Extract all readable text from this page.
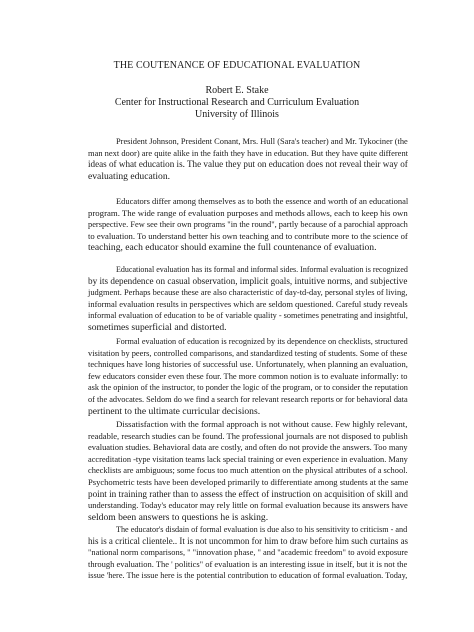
THE COUTENANCE OF EDUCATIONAL EVALUATION
Robert E. Stake
Center for Instructional Research and Curriculum Evaluation
University of Illinois
President Johnson, President Conant, Mrs. Hull (Sara's teacher) and Mr. Tykociner (the
man next door) are quite alike in the faith they have in education. But they have quite different
ideas of what education is. The value they put on education does not reveal their way of
evaluating education.
Educators differ among themselves as to both the essence and worth of an educational
program. The wide range of evaluation purposes and methods allows, each to keep his own
perspective. Few see their own programs "in the round", partly because of a parochial approach
to evaluation. To understand better his own teaching and to contribute more to the science of
teaching, each educator should examine the full countenance of evaluation.
Educational evaluation has its formal and informal sides. Informal evaluation is recognized
by its dependence on casual observation, implicit goals, intuitive norms, and subjective
judgment. Perhaps because these are also characteristic of day-td-day, personal styles of living,
informal evaluation results in perspectives which are seldom questioned. Careful study reveals
informal evaluation of education to be of variable quality - sometimes penetrating and insightful,
sometimes superficial and distorted.
Formal evaluation of education is recognized by its dependence on checklists, structured
visitation by peers, controlled comparisons, and standardized testing of students. Some of these
techniques have long histories of successful use. Unfortunately, when planning an evaluation,
few educators consider even these four. The more common notion is to evaluate informally: to
ask the opinion of the instructor, to ponder the logic of the program, or to consider the reputation
of the advocates. Seldom do we find a search for relevant research reports or for behavioral data
pertinent to the ultimate curricular decisions.
Dissatisfaction with the formal approach is not without cause. Few highly relevant,
readable, research studies can be found. The professional journals are not disposed to publish
evaluation studies. Behavioral data are costly, and often do not provide the answers. Too many
accreditation -type visitation teams lack special training or even experience in evaluation. Many
checklists are ambiguous; some focus too much attention on the physical attributes of a school.
Psychometric tests have been developed primarily to differentiate among students at the same
point in training rather than to assess the effect of instruction on acquisition of skill and
understanding. Today's educator may rely little on formal evaluation because its answers have
seldom been answers to questions he is asking.
The educator's disdain of formal evaluation is due also to his sensitivity to criticism - and
his is a critical clientele.. It is not uncommon for him to draw before him such curtains as
"national norm comparisons, " "innovation phase, " and "academic freedom" to avoid exposure
through evaluation. The ' politics" of evaluation is an interesting issue in itself, but it is not the
issue 'here. The issue here is the potential contribution to education of formal evaluation. Today,
